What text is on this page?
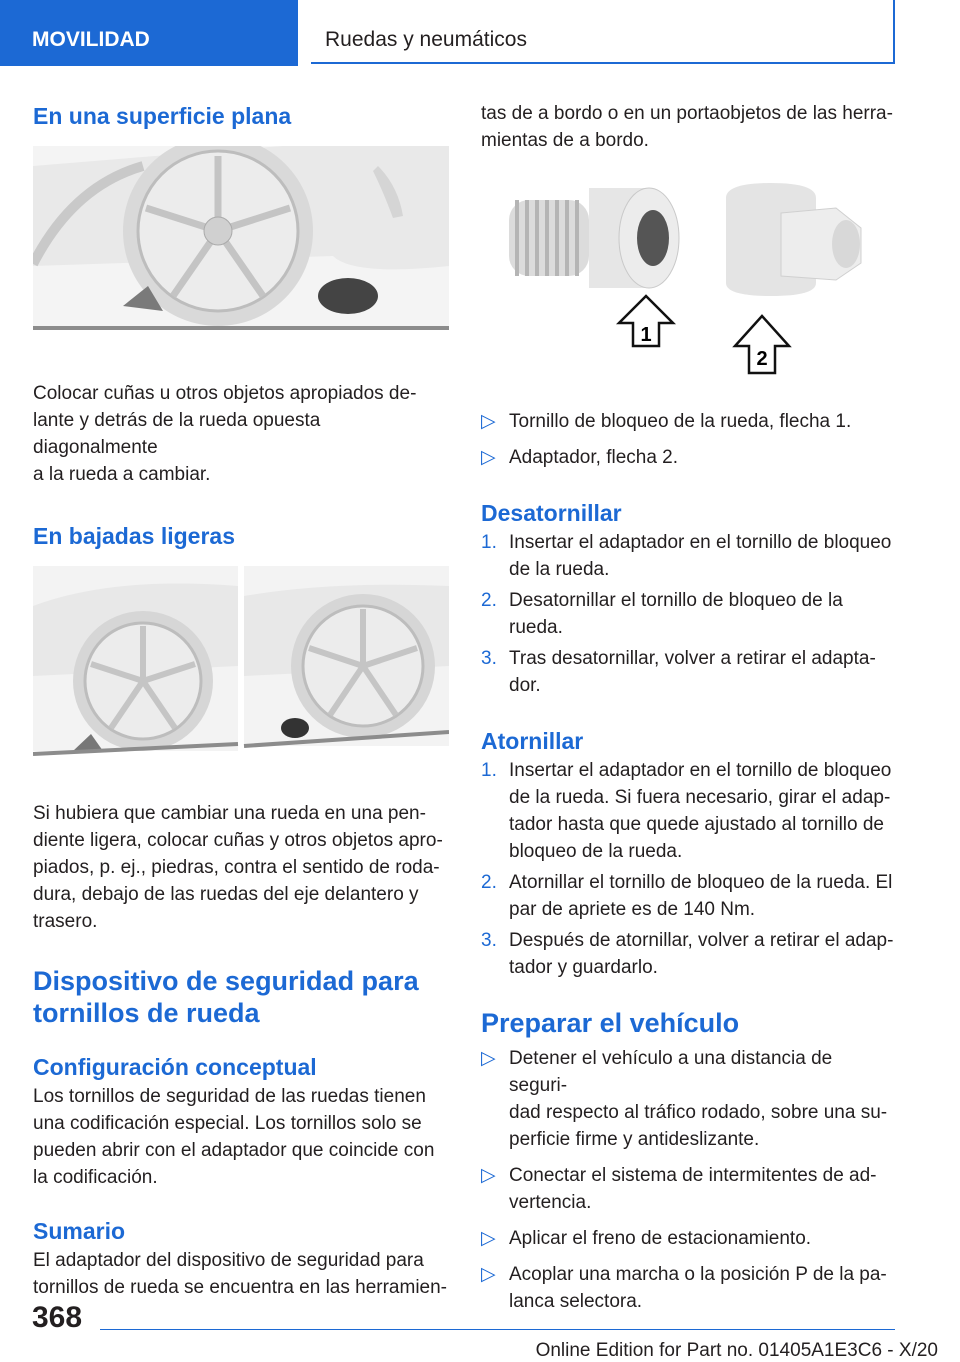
MOVILIDAD	Ruedas y neumáticos
En una superficie plana

Colocar cuñas u otros objetos apropiados de-
lante y detrás de la rueda opuesta diagonalmente
a la rueda a cambiar.

En bajadas ligeras

Si hubiera que cambiar una rueda en una pen-
diente ligera, colocar cuñas y otros objetos apro-
piados, p. ej., piedras, contra el sentido de roda-
dura, debajo de las ruedas del eje delantero y
trasero.

Dispositivo de seguridad para
tornillos de rueda
Configuración conceptual

Los tornillos de seguridad de las ruedas tienen
una codificación especial. Los tornillos solo se
pueden abrir con el adaptador que coincide con
la codificación.

Sumario

El adaptador del dispositivo de seguridad para
tornillos de rueda se encuentra en las herramien-

tas de a bordo o en un portaobjetos de las herra-
mientas de a bordo.

1
2
▷ Tornillo de bloqueo de la rueda, flecha 1.
▷ Adaptador, flecha 2.
Desatornillar
1. Insertar el adaptador en el tornillo de bloqueo
de la rueda.
2. Desatornillar el tornillo de bloqueo de la
rueda.
3. Tras desatornillar, volver a retirar el adapta-
dor.
Atornillar
1. Insertar el adaptador en el tornillo de bloqueo
de la rueda. Si fuera necesario, girar el adap-
tador hasta que quede ajustado al tornillo de
bloqueo de la rueda.
2. Atornillar el tornillo de bloqueo de la rueda. El
par de apriete es de 140 Nm.
3. Después de atornillar, volver a retirar el adap-
tador y guardarlo.
Preparar el vehículo
▷ Detener el vehículo a una distancia de seguri-
dad respecto al tráfico rodado, sobre una su-
perficie firme y antideslizante.
▷ Conectar el sistema de intermitentes de ad-
vertencia.
▷ Aplicar el freno de estacionamiento.
▷ Acoplar una marcha o la posición P de la pa-
lanca selectora.
368
Online Edition for Part no. 01405A1E3C6 - X/20
